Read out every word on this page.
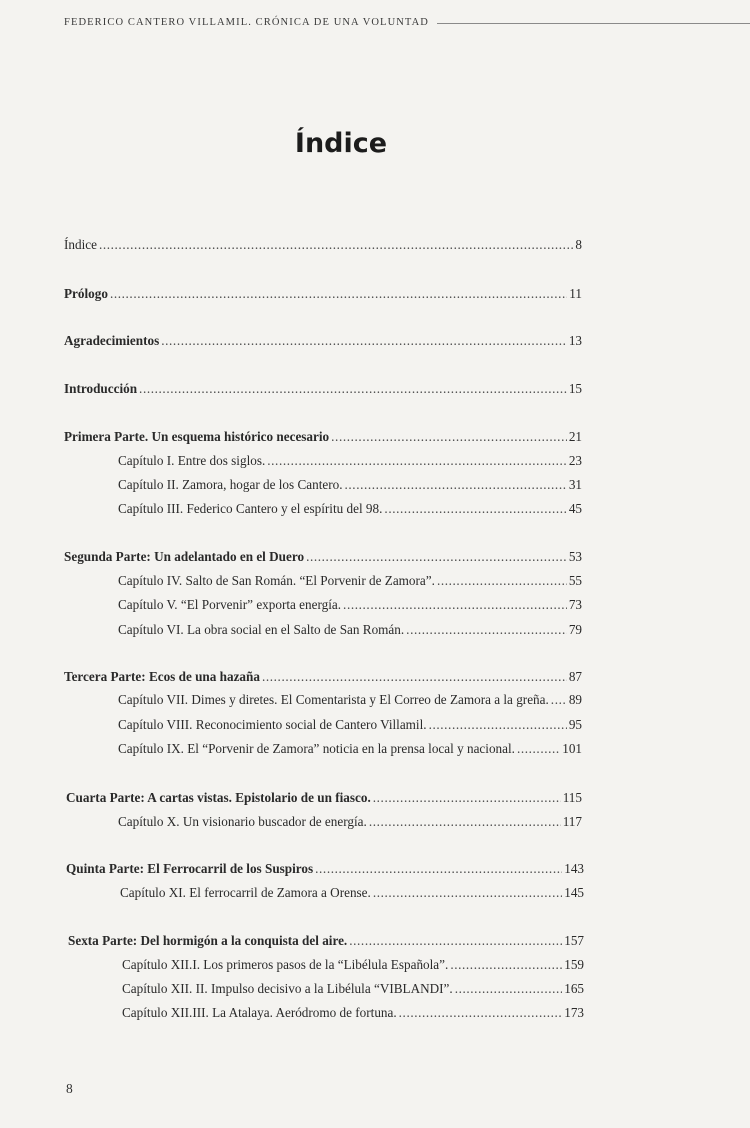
FEDERICO CANTERO VILLAMIL. CRÓNICA DE UNA VOLUNTAD
Índice
Índice .....	8
Prólogo .....	11
Agradecimientos .....	13
Introducción .....	15
Primera Parte. Un esquema histórico necesario .....	21
Capítulo I. Entre dos siglos. .....	23
Capítulo II. Zamora, hogar de los Cantero. .....	31
Capítulo III. Federico Cantero y el espíritu del 98. .....	45
Segunda Parte: Un adelantado en el Duero .....	53
Capítulo IV. Salto de San Román. “El Porvenir de Zamora”. .....	55
Capítulo V. “El Porvenir” exporta energía. .....	73
Capítulo VI. La obra social en el Salto de San Román. .....	79
Tercera Parte: Ecos de una hazaña .....	87
Capítulo VII. Dimes y diretes. El Comentarista y El Correo de Zamora a la greña. ..... 89
Capítulo VIII. Reconocimiento social de Cantero Villamil. .....	95
Capítulo IX. El “Porvenir de Zamora” noticia en la prensa local y nacional. .....	101
Cuarta Parte: A cartas vistas. Epistolario de un fiasco. .....	115
Capítulo X. Un visionario buscador de energía. .....	117
Quinta Parte: El Ferrocarril de los Suspiros .....	143
Capítulo XI. El ferrocarril de Zamora a Orense. .....	145
Sexta Parte: Del hormigón a la conquista del aire. .....	157
Capítulo XII.I. Los primeros pasos de la “Libélula Española”. .....	159
Capítulo XII. II. Impulso decisivo a la Libélula “VIBLANDI”. .....	165
Capítulo XII.III. La Atalaya. Aeródromo de fortuna. .....	173
8
